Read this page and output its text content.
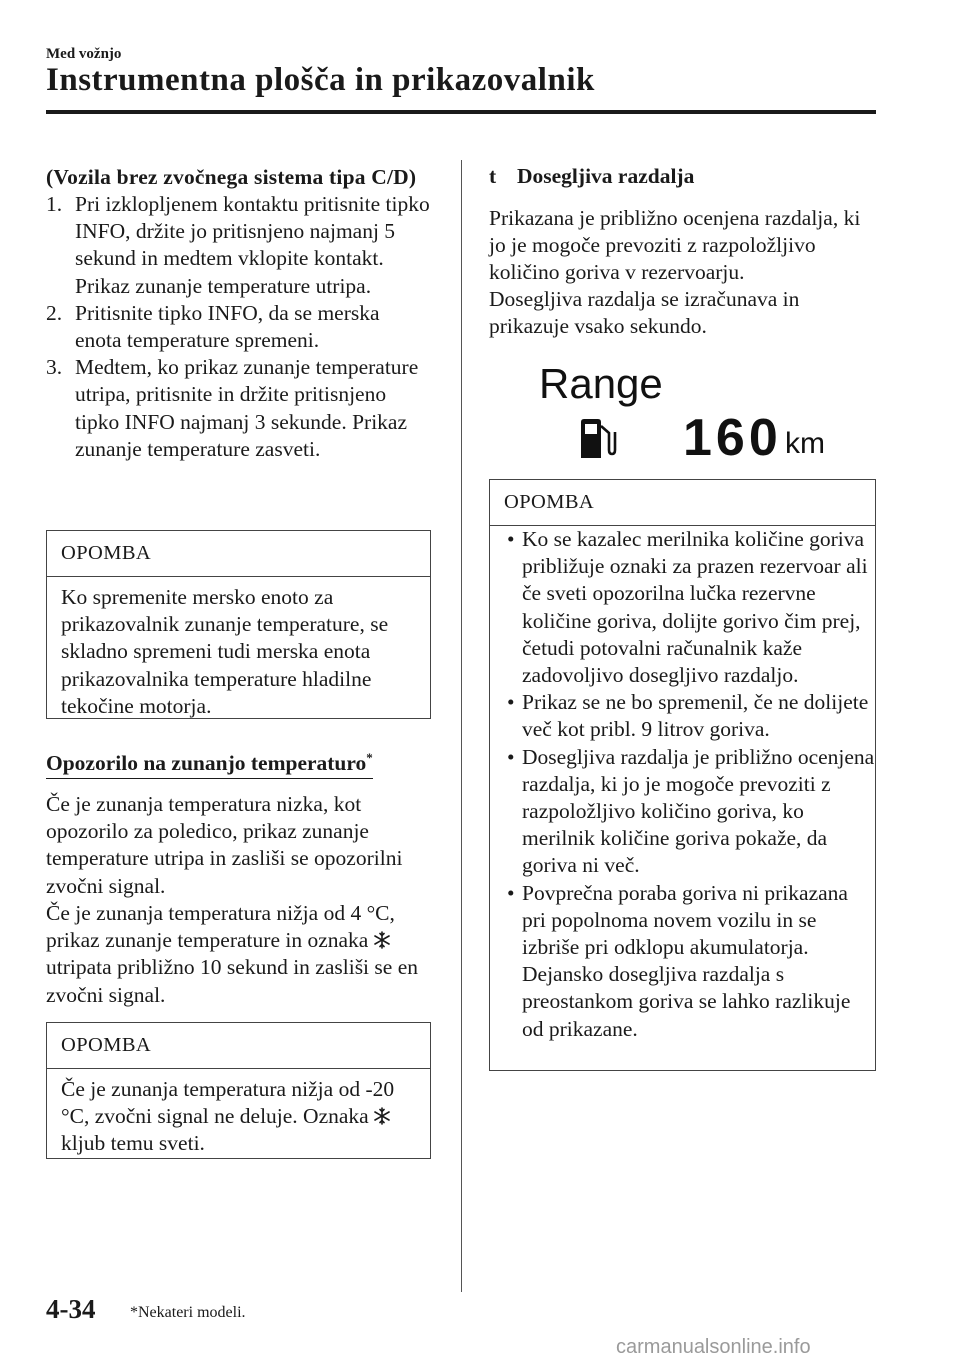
Med vožnjo
Instrumentna plošča in prikazovalnik
(Vozila brez zvočnega sistema tipa C/D)
1. Pri izklopljenem kontaktu pritisnite tipko INFO, držite jo pritisnjeno najmanj 5 sekund in medtem vklopite kontakt. Prikaz zunanje temperature utripa.
2. Pritisnite tipko INFO, da se merska enota temperature spremeni.
3. Medtem, ko prikaz zunanje temperature utripa, pritisnite in držite pritisnjeno tipko INFO najmanj 3 sekunde. Prikaz zunanje temperature zasveti.
OPOMBA
Ko spremenite mersko enoto za prikazovalnik zunanje temperature, se skladno spremeni tudi merska enota prikazovalnika temperature hladilne tekočine motorja.
Opozorilo na zunanjo temperaturo*
Če je zunanja temperatura nizka, kot opozorilo za poledico, prikaz zunanje temperature utripa in zasliši se opozorilni zvočni signal.
Če je zunanja temperatura nižja od 4 °C, prikaz zunanje temperature in oznaka  utripata približno 10 sekund in zasliši se en zvočni signal.
OPOMBA
Če je zunanja temperatura nižja od -20 °C, zvočni signal ne deluje. Oznaka  kljub temu sveti.
t Dosegljiva razdalja
Prikazana je približno ocenjena razdalja, ki jo je mogoče prevoziti z razpoložljivo količino goriva v rezervoarju.
Dosegljiva razdalja se izračunava in prikazuje vsako sekundo.
Range
160 km
OPOMBA
• Ko se kazalec merilnika količine goriva približuje oznaki za prazen rezervoar ali če sveti opozorilna lučka rezervne količine goriva, dolijte gorivo čim prej, četudi potovalni računalnik kaže zadovoljivo dosegljivo razdaljo.
• Prikaz se ne bo spremenil, če ne dolijete več kot pribl. 9 litrov goriva.
• Dosegljiva razdalja je približno ocenjena razdalja, ki jo je mogoče prevoziti z razpoložljivo količino goriva, ko merilnik količine goriva pokaže, da goriva ni več.
• Povprečna poraba goriva ni prikazana pri popolnoma novem vozilu in se izbriše pri odklopu akumulatorja. Dejansko dosegljiva razdalja s preostankom goriva se lahko razlikuje od prikazane.
4-34 *Nekateri modeli.
carmanualsonline.info
